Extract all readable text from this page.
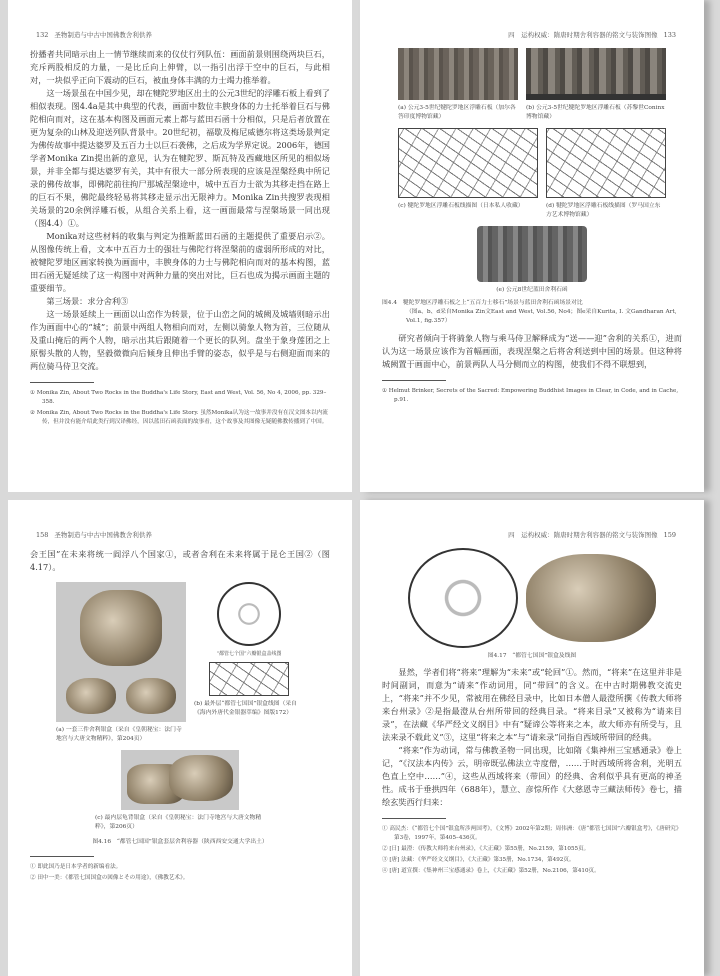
132 圣物制造与中古中国佛教舍利供养

扮播者共同暗示由上一情节继续而来的仪仗行列队伍：画面前景则围绕两块巨石，充斥两股相反的力量，一是比丘向上伸臂，以一指引出浮于空中的巨石，与此相对，一块似乎正向下震动的巨石，被血身体丰满的力士竭力推举着。

这一场景虽在中国少见，却在犍陀罗地区出土的公元3世纪的浮雕石板上看到了相似表现。图4.4a是其中典型的代表，画面中数位丰腴身体的力士托举着巨石与佛陀相向而对，这在基本构图及画面元素上都与蓝田石函十分相似，只是后者放置在更为复杂的山林及迎送列队背景中。20世纪初，福歇及梅尼威德尔将这类场景判定为佛传故事中提达婆罗及五百力士以巨石袭佛，之后成为学界定说。2006年，德国学者Monika Zin提出新的意见，认为在犍陀罗、斯瓦特及西藏地区所见的相似场景，并非全都与提达婆罗有关，其中有很大一部分所表现的应该是涅槃经典中所记录的佛传故事，即佛陀前往拘尸那城涅槃途中，城中五百力士欲为其移走挡在路上的巨石不果，佛陀最终轻易将其移走显示出无限神力。Monika Zin共搜罗表现相关场景的20余例浮雕石板，从组合关系上看，这一画面最常与涅槃场景一同出现（图4.4）①。

Monika对这些材料的收集与判定为推断蓝田石函的主题提供了重要启示②。从图像传统上看，文本中五百力士的强壮与佛陀行将涅槃前的虚弱所形成的对比，被犍陀罗地区画家转换为画面中，丰腴身体的力士与佛陀相向而对的基本构图，蓝田石函无疑延续了这一构图中对两种力量的突出对比，巨石也成为揭示画面主题的重要细节。

第三场景：求分舍利③

这一场景延续上一画面以山峦作为转景，位于山峦之间的城阙及城墙则暗示出作为画面中心的“城”；前景中两组人物相向而对，左侧以骑象人物为首，三位随从及重山掩后的两个人物，暗示出其后跟随着一个更长的队列。盘坐于象身莲团之上原髻头散的人物，坚毅微微向后倾身且伸出手臂的姿态，似乎是与右侧迎面而来的两位骑马侍卫交流。

① Monika Zin, About Two Rocks in the Buddha's Life Story, East and West, Vol. 56, No 4, 2006, pp. 329–358.
② Monika Zin, About Two Rocks in the Buddha's Life Story. 虽然Monika认为这一故事并没有在汉文图本以内流传，但并没有能介绍此类行到汉译佛经，因以蓝田石函表面的故事看，这个故事及其图像无疑随佛教传播到了中国。
四　运构权威：隋唐时期舍利容器的铭文与装饰图像 133
(a) 公元3-5世纪犍陀罗地区浮雕石板（加尔各答印度博物馆藏）
(b) 公元3-5世纪犍陀罗地区浮雕石板（苏黎世Coninx博物馆藏）
(c) 犍陀罗地区浮雕石板线描图（日本私人收藏）	(d) 犍陀罗地区浮雕石板线描图（罗马国立东方艺术博物馆藏）
(e) 公元8世纪蓝田舍利石函
图4.4　犍陀罗地区浮雕石板之上“五百力士移石”场景与蓝田舍利石函场景对比
（图a、b、d采自Monika Zin文East and West, Vol.56, No4；图e采自Kurita, I. 文Gandharan Art, Vol.1, fig.357）

研究者倾向于将骑象人物与乘马侍卫解释成为“送——迎”舍利的关系①，进而认为这一场景应该作为首幅画面，表现涅槃之后将舍利送到中国的场景。但这种将城阙置于画面中心，前景两队人马分侧而立的构图，使我们不得不联想到，

① Helmut Brinker, Secrets of the Sacred: Empowering Buddhist Images in Clear, in Code, and in Cache, p.91.
158 圣物制造与中古中国佛教舍利供养

会王国”在未来将统一阎浮八个国家①，或者舍利在未来将属于昆仑王国②（图4.17）。

(a) 一套三件舍利银盒（采自《皇朝秘宝：法门寺地宫与大唐文物精粹》，第204页）
“都管七个国”六瓣银盒盖线图
(b) 最外层“都管七国国”银盒线图（采自《海内外唐代金银器萃编》图版172）
(c) 最内层龟背银盒（采自《皇朝秘宝：法门寺地宫与大唐文物精粹》，第206页）
图4.16　“都管七国国”银盒套层舍利容器（陕西西安交通大学出土）
① 即此国乃是日本学者的新编看法。
② 田中一美：《都管七国国盒の図像とその用途》，《佛教艺术》。
四　运构权威：隋唐时期舍利容器的铭文与装饰图像 159
图4.17　“都管七国国”银盒及线图

显然，学者们将“将来”理解为“未来”或“轮回”①。然而，“将来”在这里并非是时间副词，而意为“请来”作动词用，同“带回”的含义。在中古时期佛教交流史上，“将来”并不少见，常被用在佛经目录中，比如日本僧人最澄所撰《传教大师将来台州录》②是指最澄从台州所带回的经典目录。“将来目录”又被称为“请来目录”，在法藏《华严经文义纲目》中有“疑谛公等将来之本，故大师亦有所受与，且法来录不载此义”③，这里“将来之本”与“请来录”同指自西域所带回的经典。

“将来”作为动词，常与佛教圣物一同出现，比如隋《集神州三宝感通录》卷上记，“《汉法本内传》云，明帝既弘佛法立寺度僧，……于时西域所将舍利，光明五色直上空中……”④，这些从西域将来（带回）的经典、舍利似乎具有更高的神圣性。成书于垂拱四年（688年），慧立、彦悰所作《大慈恩寺三藏法师传》卷七，描绘玄奘西行归来：

① 高民杰：《“都管七个国”银盒所涉两国考》，《文博》2002年第2期；周伟洲：《唐“都管七国国”六瓣银盒考》，《唐研究》第3卷，1997年，第405–436页。
② [日] 最澄：《传教大师将来台州录》，《大正藏》第55册，No.2159，第1055页。
③ [唐] 法藏：《华严经文义纲目》，《大正藏》第35册，No.1734，第492页。
④ [唐] 道宣撰：《集神州三宝感通录》卷上，《大正藏》第52册，No.2106，第410页。
